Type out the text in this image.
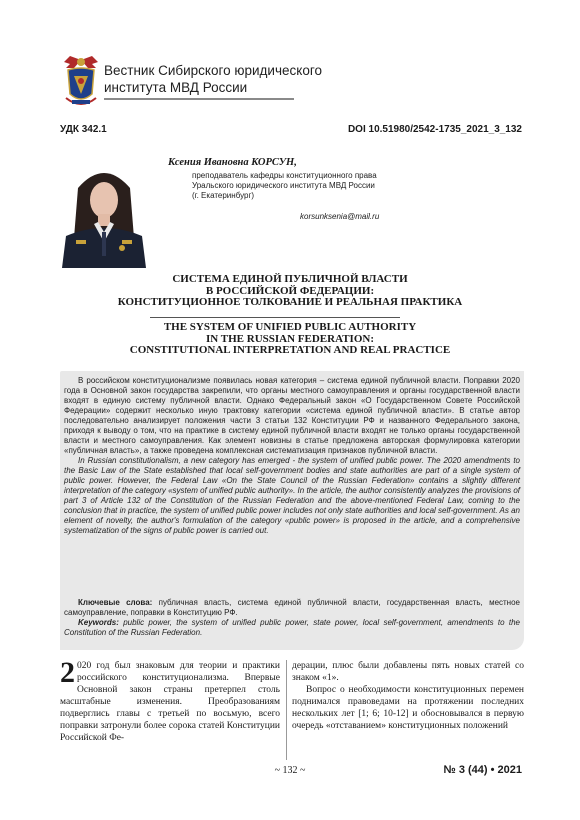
Вестник Сибирского юридического
института МВД России
УДК 342.1	DOI 10.51980/2542-1735_2021_3_132
Ксения Ивановна КОРСУН,
преподаватель кафедры конституционного права
Уральского юридического института МВД России
(г. Екатеринбург)
korsunksenia@mail.ru
СИСТЕМА ЕДИНОЙ ПУБЛИЧНОЙ ВЛАСТИ
В РОССИЙСКОЙ ФЕДЕРАЦИИ:
КОНСТИТУЦИОННОЕ ТОЛКОВАНИЕ И РЕАЛЬНАЯ ПРАКТИКА
THE SYSTEM OF UNIFIED PUBLIC AUTHORITY
IN THE RUSSIAN FEDERATION:
CONSTITUTIONAL INTERPRETATION AND REAL PRACTICE

В российском конституционализме появилась новая категория – система единой публичной власти. Поправки 2020 года в Основной закон государства закрепили, что органы местного самоуправления и органы государственной власти входят в единую систему публичной власти. Однако Федеральный закон «О Государственном Совете Российской Федерации» содержит несколько иную трактовку категории «система единой публичной власти». В статье автор последовательно анализирует положения части 3 статьи 132 Конституции РФ и названного Федерального закона, приходя к выводу о том, что на практике в систему единой публичной власти входят не только органы государственной власти и местного самоуправления. Как элемент новизны в статье предложена авторская формулировка категории «публичная власть», а также проведена комплексная систематизация признаков публичной власти.

In Russian constitutionalism, a new category has emerged - the system of unified public power. The 2020 amendments to the Basic Law of the State established that local self-government bodies and state authorities are part of a single system of public power. However, the Federal Law «On the State Council of the Russian Federation» contains a slightly different interpretation of the category «system of unified public authority». In the article, the author consistently analyzes the provisions of part 3 of Article 132 of the Constitution of the Russian Federation and the above-mentioned Federal Law, coming to the conclusion that in practice, the system of unified public power includes not only state authorities and local self-government. As an element of novelty, the author's formulation of the category «public power» is proposed in the article, and a comprehensive systematization of the signs of public power is carried out.

Ключевые слова: публичная власть, система единой публичной власти, государственная власть, местное самоуправление, поправки в Конституцию РФ.

Keywords: public power, the system of unified public power, state power, local self-government, amendments to the Constitution of the Russian Federation.

2 020 год был знаковым для теории и практики российского конституционализма. Впервые Основной закон страны претерпел столь масштабные изменения. Преобразованиям подверглись главы с третьей по восьмую, всего поправки затронули более сорока статей Конституции Российской Фе-

дерации, плюс были добавлены пять новых статей со знаком «1».

Вопрос о необходимости конституционных перемен поднимался правоведами на протяжении последних нескольких лет [1; 6; 10-12] и обосновывался в первую очередь «отставанием» конституционных положений

~ 132 ~	№ 3 (44) • 2021
